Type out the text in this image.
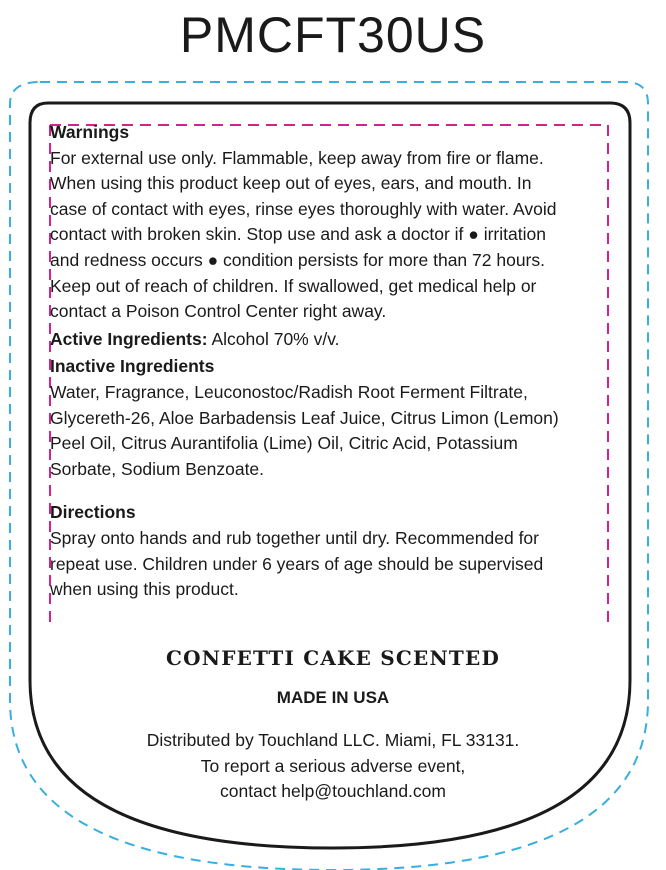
PMCFT30US
Warnings
For external use only. Flammable, keep away from fire or flame. When using this product keep out of eyes, ears, and mouth. In case of contact with eyes, rinse eyes thoroughly with water. Avoid contact with broken skin. Stop use and ask a doctor if ● irritation and redness occurs ● condition persists for more than 72 hours. Keep out of reach of children. If swallowed, get medical help or contact a Poison Control Center right away.
Active Ingredients: Alcohol 70% v/v.
Inactive Ingredients
Water, Fragrance, Leuconostoc/Radish Root Ferment Filtrate, Glycereth-26, Aloe Barbadensis Leaf Juice, Citrus Limon (Lemon) Peel Oil, Citrus Aurantifolia (Lime) Oil, Citric Acid, Potassium Sorbate, Sodium Benzoate.
Directions
Spray onto hands and rub together until dry. Recommended for repeat use. Children under 6 years of age should be supervised when using this product.
CONFETTI CAKE SCENTED
MADE IN USA
Distributed by Touchland LLC. Miami, FL 33131.
To report a serious adverse event,
contact help@touchland.com
